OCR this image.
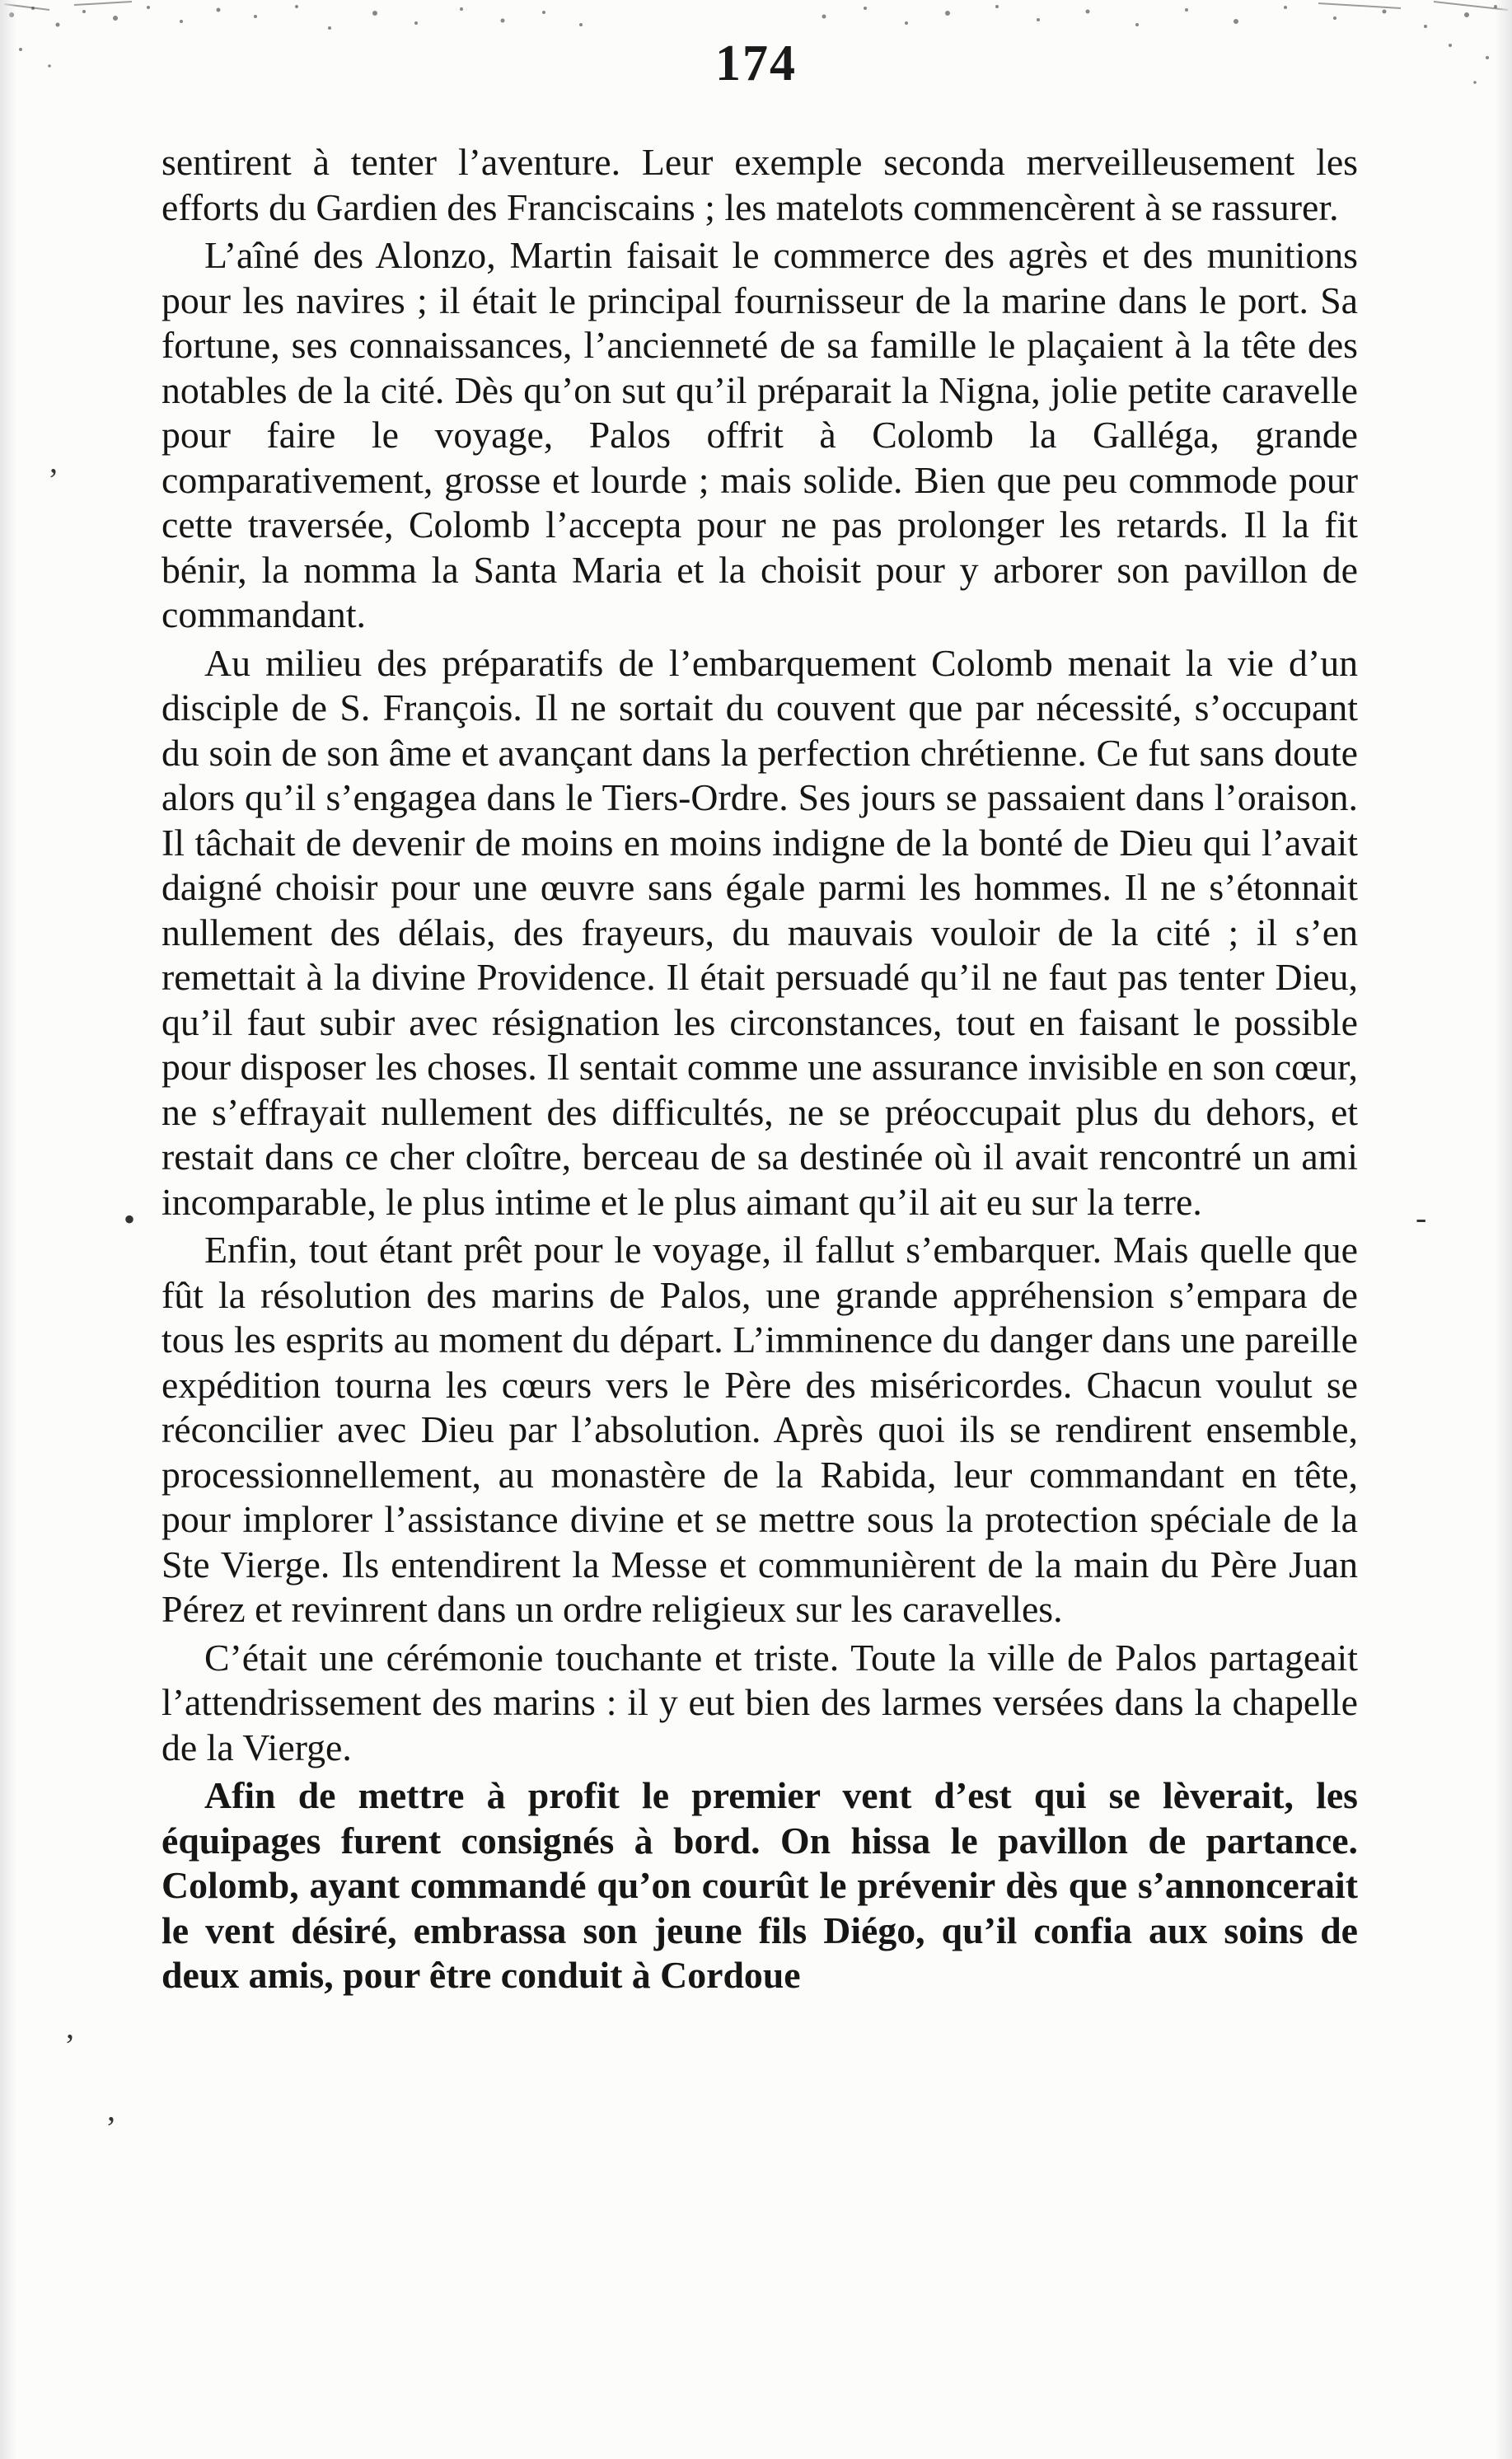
174

sentirent à tenter l’aventure. Leur exemple seconda merveilleusement les efforts du Gardien des Franciscains ; les matelots commencèrent à se rassurer.

L’aîné des Alonzo, Martin faisait le commerce des agrès et des munitions pour les navires ; il était le principal fournisseur de la marine dans le port. Sa fortune, ses connaissances, l’ancienneté de sa famille le plaçaient à la tête des notables de la cité. Dès qu’on sut qu’il préparait la Nigna, jolie petite caravelle pour faire le voyage, Palos offrit à Colomb la Galléga, grande comparativement, grosse et lourde ; mais solide. Bien que peu commode pour cette traversée, Colomb l’accepta pour ne pas prolonger les retards. Il la fit bénir, la nomma la Santa Maria et la choisit pour y arborer son pavillon de commandant.

Au milieu des préparatifs de l’embarquement Colomb menait la vie d’un disciple de S. François. Il ne sortait du couvent que par nécessité, s’occupant du soin de son âme et avançant dans la perfection chrétienne. Ce fut sans doute alors qu’il s’engagea dans le Tiers-Ordre. Ses jours se passaient dans l’oraison. Il tâchait de devenir de moins en moins indigne de la bonté de Dieu qui l’avait daigné choisir pour une œuvre sans égale parmi les hommes. Il ne s’étonnait nullement des délais, des frayeurs, du mauvais vouloir de la cité ; il s’en remettait à la divine Providence. Il était persuadé qu’il ne faut pas tenter Dieu, qu’il faut subir avec résignation les circonstances, tout en faisant le possible pour disposer les choses. Il sentait comme une assurance invisible en son cœur, ne s’effrayait nullement des difficultés, ne se préoccupait plus du dehors, et restait dans ce cher cloître, berceau de sa destinée où il avait rencontré un ami incomparable, le plus intime et le plus aimant qu’il ait eu sur la terre.

Enfin, tout étant prêt pour le voyage, il fallut s’embarquer. Mais quelle que fût la résolution des marins de Palos, une grande appréhension s’empara de tous les esprits au moment du départ. L’imminence du danger dans une pareille expédition tourna les cœurs vers le Père des miséricordes. Chacun voulut se réconcilier avec Dieu par l’absolution. Après quoi ils se rendirent ensemble, processionnellement, au monastère de la Rabida, leur commandant en tête, pour implorer l’assistance divine et se mettre sous la protection spéciale de la Ste Vierge. Ils entendirent la Messe et communièrent de la main du Père Juan Pérez et revinrent dans un ordre religieux sur les caravelles.

C’était une cérémonie touchante et triste. Toute la ville de Palos partageait l’attendrissement des marins : il y eut bien des larmes versées dans la chapelle de la Vierge.

Afin de mettre à profit le premier vent d’est qui se lèverait, les équipages furent consignés à bord. On hissa le pavillon de partance. Colomb, ayant commandé qu’on courût le prévenir dès que s’annoncerait le vent désiré, embrassa son jeune fils Diégo, qu’il confia aux soins de deux amis, pour être conduit à Cordoue

•	-
,
,
,
